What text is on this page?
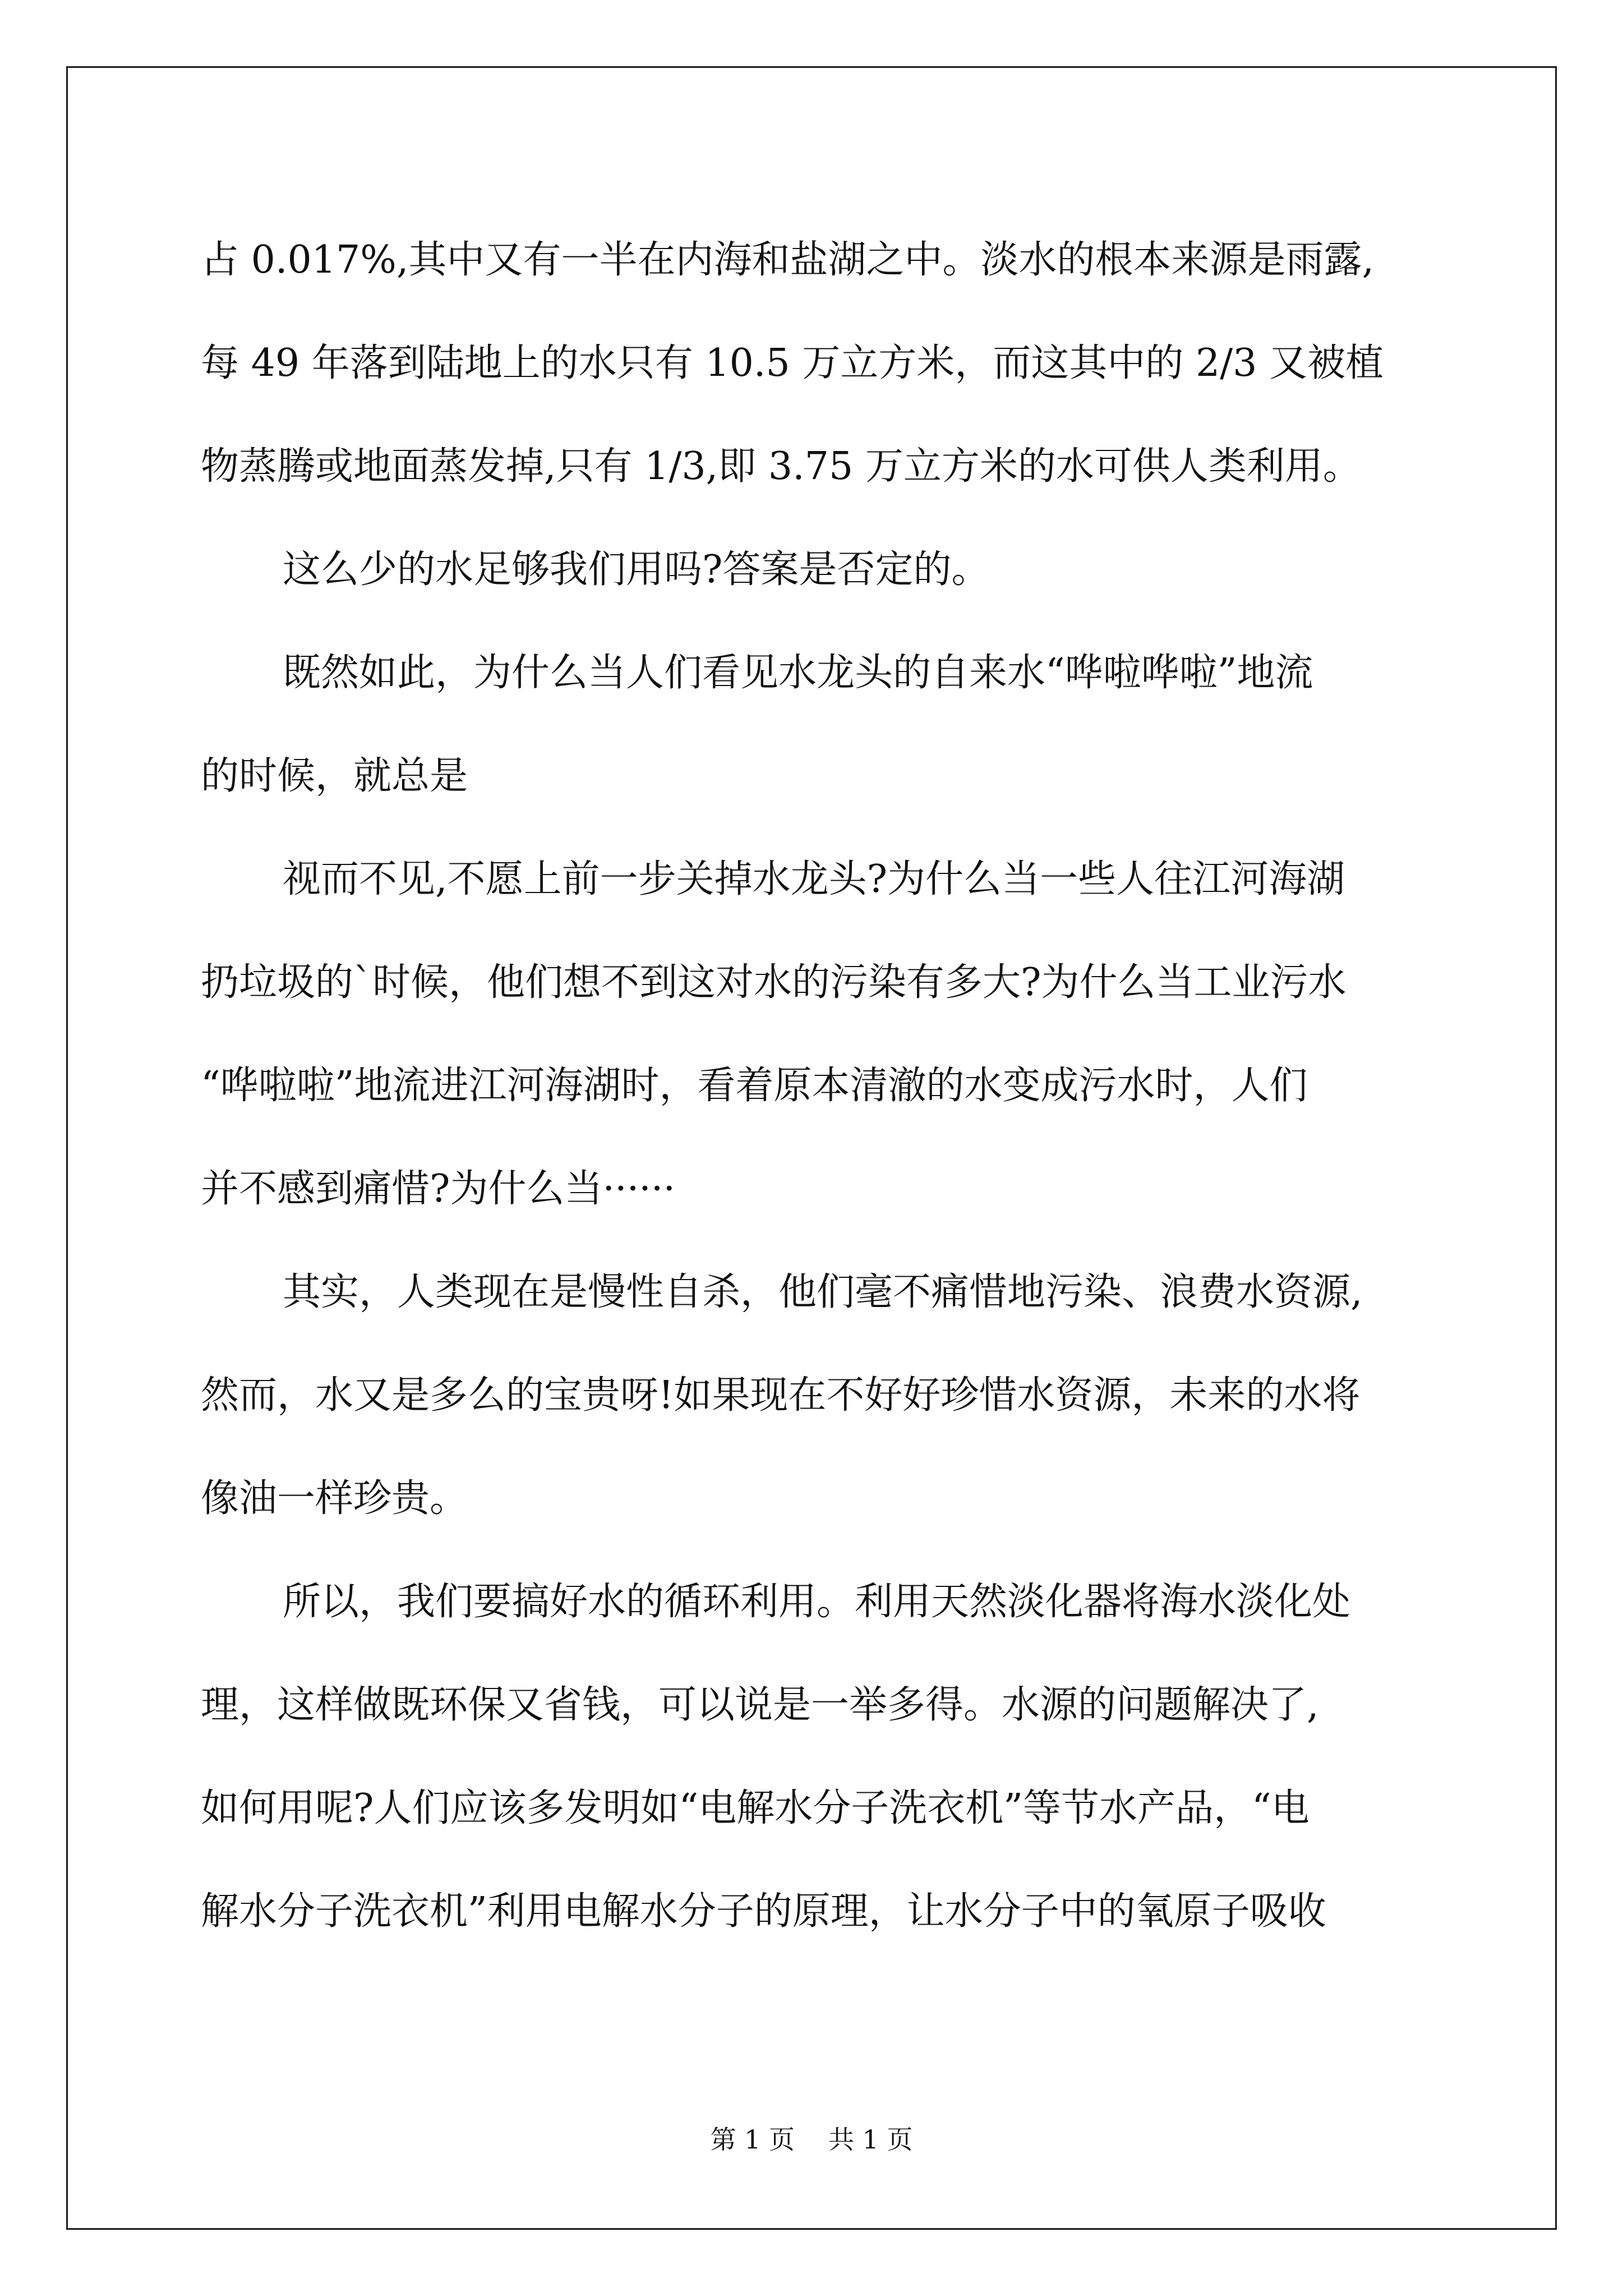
占 0.017%,其中又有一半在内海和盐湖之中。淡水的根本来源是雨露,
每 49 年落到陆地上的水只有 10.5 万立方米，而这其中的 2/3 又被植
物蒸腾或地面蒸发掉,只有 1/3,即 3.75 万立方米的水可供人类利用。
这么少的水足够我们用吗?答案是否定的。
既然如此，为什么当人们看见水龙头的自来水“哗啦哗啦”地流
的时候，就总是
视而不见,不愿上前一步关掉水龙头?为什么当一些人往江河海湖
扔垃圾的`时候，他们想不到这对水的污染有多大?为什么当工业污水
“哗啦啦”地流进江河海湖时，看着原本清澈的水变成污水时，人们
并不感到痛惜?为什么当······
其实，人类现在是慢性自杀，他们毫不痛惜地污染、浪费水资源,
然而，水又是多么的宝贵呀!如果现在不好好珍惜水资源，未来的水将
像油一样珍贵。
所以，我们要搞好水的循环利用。利用天然淡化器将海水淡化处
理，这样做既环保又省钱，可以说是一举多得。水源的问题解决了,
如何用呢?人们应该多发明如“电解水分子洗衣机”等节水产品，“电
解水分子洗衣机”利用电解水分子的原理，让水分子中的氧原子吸收
第 1 页 共 1 页
